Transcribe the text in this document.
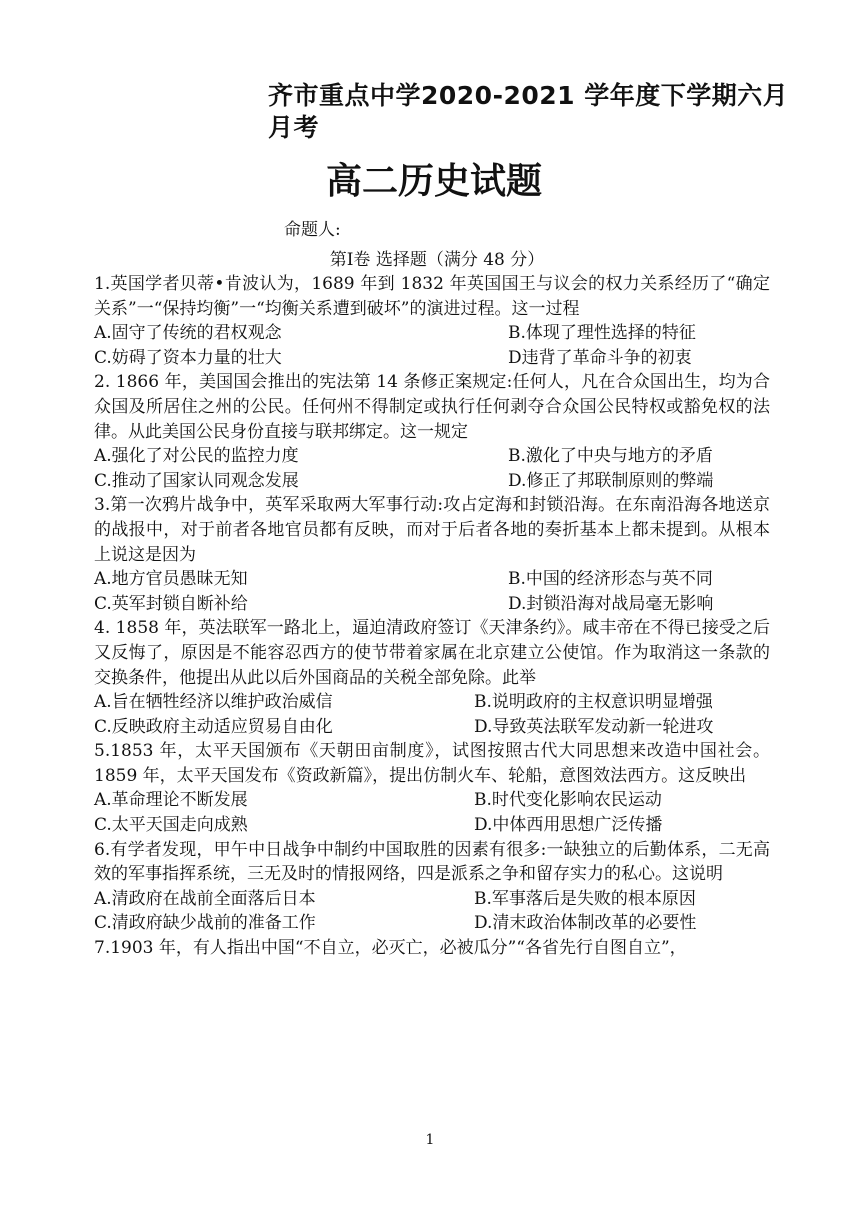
齐市重点中学2020-2021 学年度下学期六月月考
高二历史试题
命题人:
第Ⅰ卷 选择题（满分 48 分）
1.英国学者贝蒂•肯波认为，1689 年到 1832 年英国国王与议会的权力关系经历了“确定关系”一“保持均衡”一“均衡关系遭到破坏”的演进过程。这一过程
A.固守了传统的君权观念	B.体现了理性选择的特征
C.妨碍了资本力量的壮大	D违背了革命斗争的初衷
2. 1866 年，美国国会推出的宪法第 14 条修正案规定:任何人，凡在合众国出生，均为合众国及所居住之州的公民。任何州不得制定或执行任何剥夺合众国公民特权或豁免权的法律。从此美国公民身份直接与联邦绑定。这一规定
A.强化了对公民的监控力度	B.激化了中央与地方的矛盾
C.推动了国家认同观念发展	D.修正了邦联制原则的弊端
3.第一次鸦片战争中，英军采取两大军事行动:攻占定海和封锁沿海。在东南沿海各地送京的战报中，对于前者各地官员都有反映，而对于后者各地的奏折基本上都未提到。从根本上说这是因为
A.地方官员愚昧无知	B.中国的经济形态与英不同
C.英军封锁自断补给	D.封锁沿海对战局毫无影响
4. 1858 年，英法联军一路北上，逼迫清政府签订《天津条约》。咸丰帝在不得已接受之后又反悔了，原因是不能容忍西方的使节带着家属在北京建立公使馆。作为取消这一条款的交换条件，他提出从此以后外国商品的关税全部免除。此举
A.旨在牺牲经济以维护政治威信	B.说明政府的主权意识明显增强
C.反映政府主动适应贸易自由化	D.导致英法联军发动新一轮进攻
5.1853 年，太平天国颁布《天朝田亩制度》，试图按照古代大同思想来改造中国社会。1859 年，太平天国发布《资政新篇》，提出仿制火车、轮船，意图效法西方。这反映出
A.革命理论不断发展	B.时代变化影响农民运动
C.太平天国走向成熟	D.中体西用思想广泛传播
6.有学者发现，甲午中日战争中制约中国取胜的因素有很多:一缺独立的后勤体系，二无高效的军事指挥系统，三无及时的情报网络，四是派系之争和留存实力的私心。这说明
A.清政府在战前全面落后日本	B.军事落后是失败的根本原因
C.清政府缺少战前的准备工作	D.清末政治体制改革的必要性
7.1903 年，有人指出中国“不自立，必灭亡，必被瓜分”“各省先行自图自立”，
1
